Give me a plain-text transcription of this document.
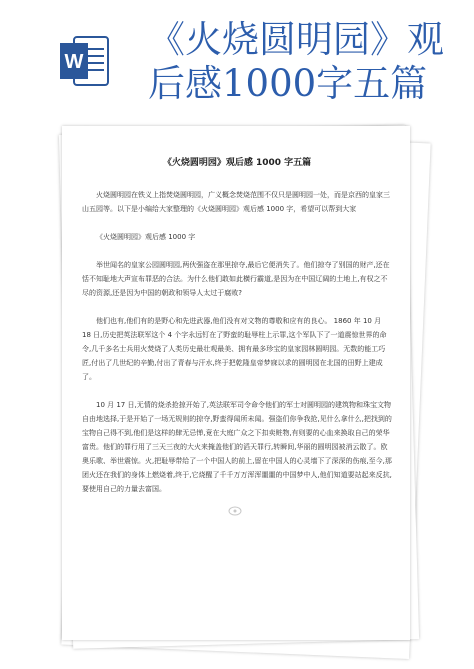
W
《火烧圆明园》观
后感1000字五篇
《火烧圆明园》观后感 1000 字五篇

火烧圆明园在铁义上指焚烧圆明园，广义概念焚烧范围不仅只是圆明园一处，而是京西的皇家三山五园等。以下是小编给大家整理的《火烧圆明园》观后感 1000 字，希望可以帮到大家

《火烧圆明园》观后感 1000 字

举世闻名的皇家公园圆明园,两伙强盗在那里掠夺,最后它便消失了。他们掠夺了别国的财产,还在恬不知耻地大声宣布罪恶的合法。为什么他们敢如此横行霸道,是因为在中国辽阔的土地上,有权之不尽的资源,还是因为中国的朝政和领导人太过于腐败?

他们也有,他们有的是野心和先进武器,他们没有对文物的尊敬和应有的良心。 1860 年 10 月 18 日,历史把英法联军这个 4 个字永远钉在了野蛮的耻辱柱上示罪,这个军队下了一道震惊世界的命令,几千多名士兵用火焚烧了人类历史最壮观最美、拥有最多珍宝的皇家园林圆明园。无数的能工巧匠,付出了几世纪的辛勤,付出了青春与汗水,终于把乾隆皇帝梦寐以求的圆明园在北国的田野上建成了。

10 月 17 日,无情的烧杀抢掠开始了,英法联军司令命令他们的军士对圆明园的建筑物和珠宝文物自由地选择,于是开始了一场无规则的掠夺,野蛮得闻所未闻。强盗们你争我抢,见什么拿什么,把找到的宝物自己得不到,他们是这样的肆无忌惮,竟在大庭广众之下扣卖赃物,有则要的心血来换取自己的荣华富贵。他们的罪行用了三天三夜的大火来掩盖他们的滔天罪行,转瞬间,华丽的圆明园被消云散了。欧奥乐歌、举世震惊。火,把耻辱带给了一个中国人的前上,留在中国人的心灵墙下了深深的伤痕,至今,那团火还在我们的身体上燃烧着,终于,它烧醒了千千万万浑浑噩噩的中国梦中人,他们知道要站起来反抗,要使用自己的力量去富国。
